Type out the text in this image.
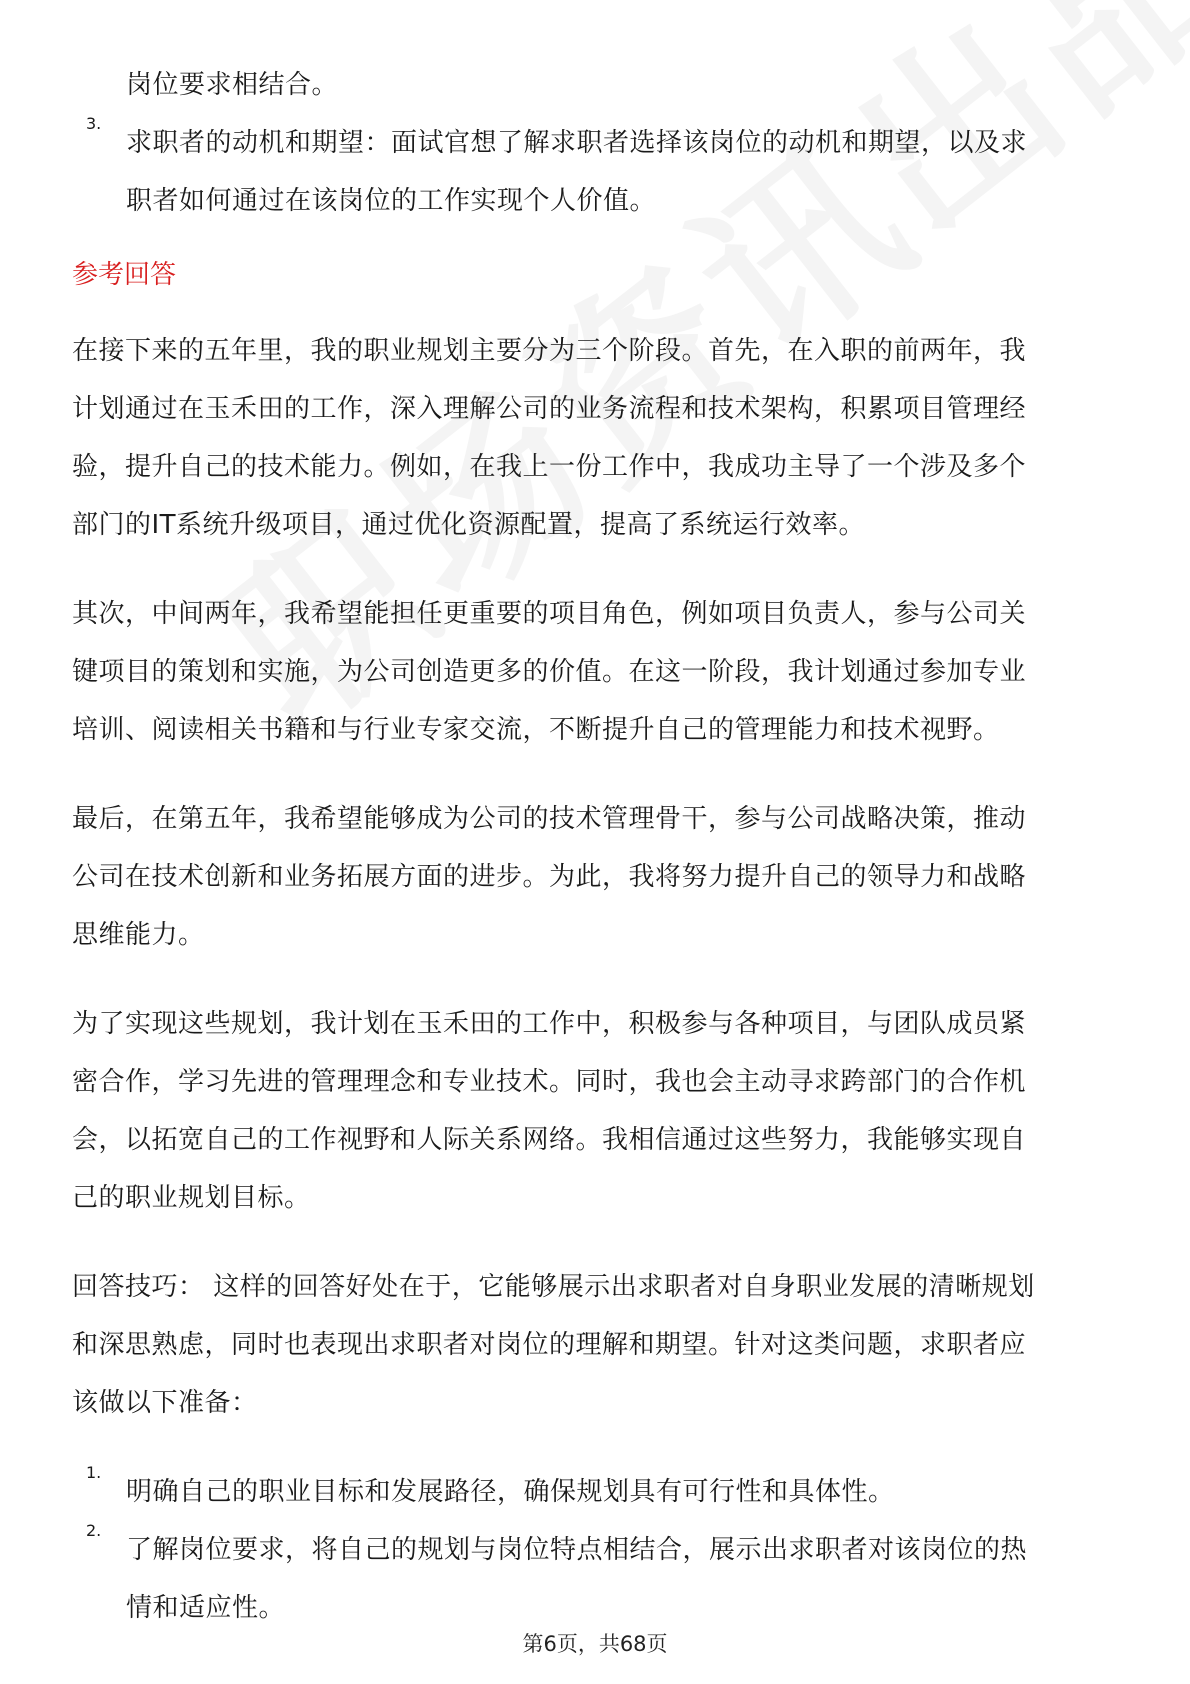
岗位要求相结合。
3.
求职者的动机和期望：面试官想了解求职者选择该岗位的动机和期望，以及求
职者如何通过在该岗位的工作实现个人价值。
参考回答
在接下来的五年里，我的职业规划主要分为三个阶段。首先，在入职的前两年，我
计划通过在玉禾田的工作，深入理解公司的业务流程和技术架构，积累项目管理经
验，提升自己的技术能力。例如，在我上一份工作中，我成功主导了一个涉及多个
部门的IT系统升级项目，通过优化资源配置，提高了系统运行效率。
其次，中间两年，我希望能担任更重要的项目角色，例如项目负责人，参与公司关
键项目的策划和实施，为公司创造更多的价值。在这一阶段，我计划通过参加专业
培训、阅读相关书籍和与行业专家交流，不断提升自己的管理能力和技术视野。
最后，在第五年，我希望能够成为公司的技术管理骨干，参与公司战略决策，推动
公司在技术创新和业务拓展方面的进步。为此，我将努力提升自己的领导力和战略
思维能力。
为了实现这些规划，我计划在玉禾田的工作中，积极参与各种项目，与团队成员紧
密合作，学习先进的管理理念和专业技术。同时，我也会主动寻求跨部门的合作机
会，以拓宽自己的工作视野和人际关系网络。我相信通过这些努力，我能够实现自
己的职业规划目标。
回答技巧： 这样的回答好处在于，它能够展示出求职者对自身职业发展的清晰规划
和深思熟虑，同时也表现出求职者对岗位的理解和期望。针对这类问题，求职者应
该做以下准备：
1.
明确自己的职业目标和发展路径，确保规划具有可行性和具体性。
2.
了解岗位要求，将自己的规划与岗位特点相结合，展示出求职者对该岗位的热
情和适应性。
第6页，共68页
